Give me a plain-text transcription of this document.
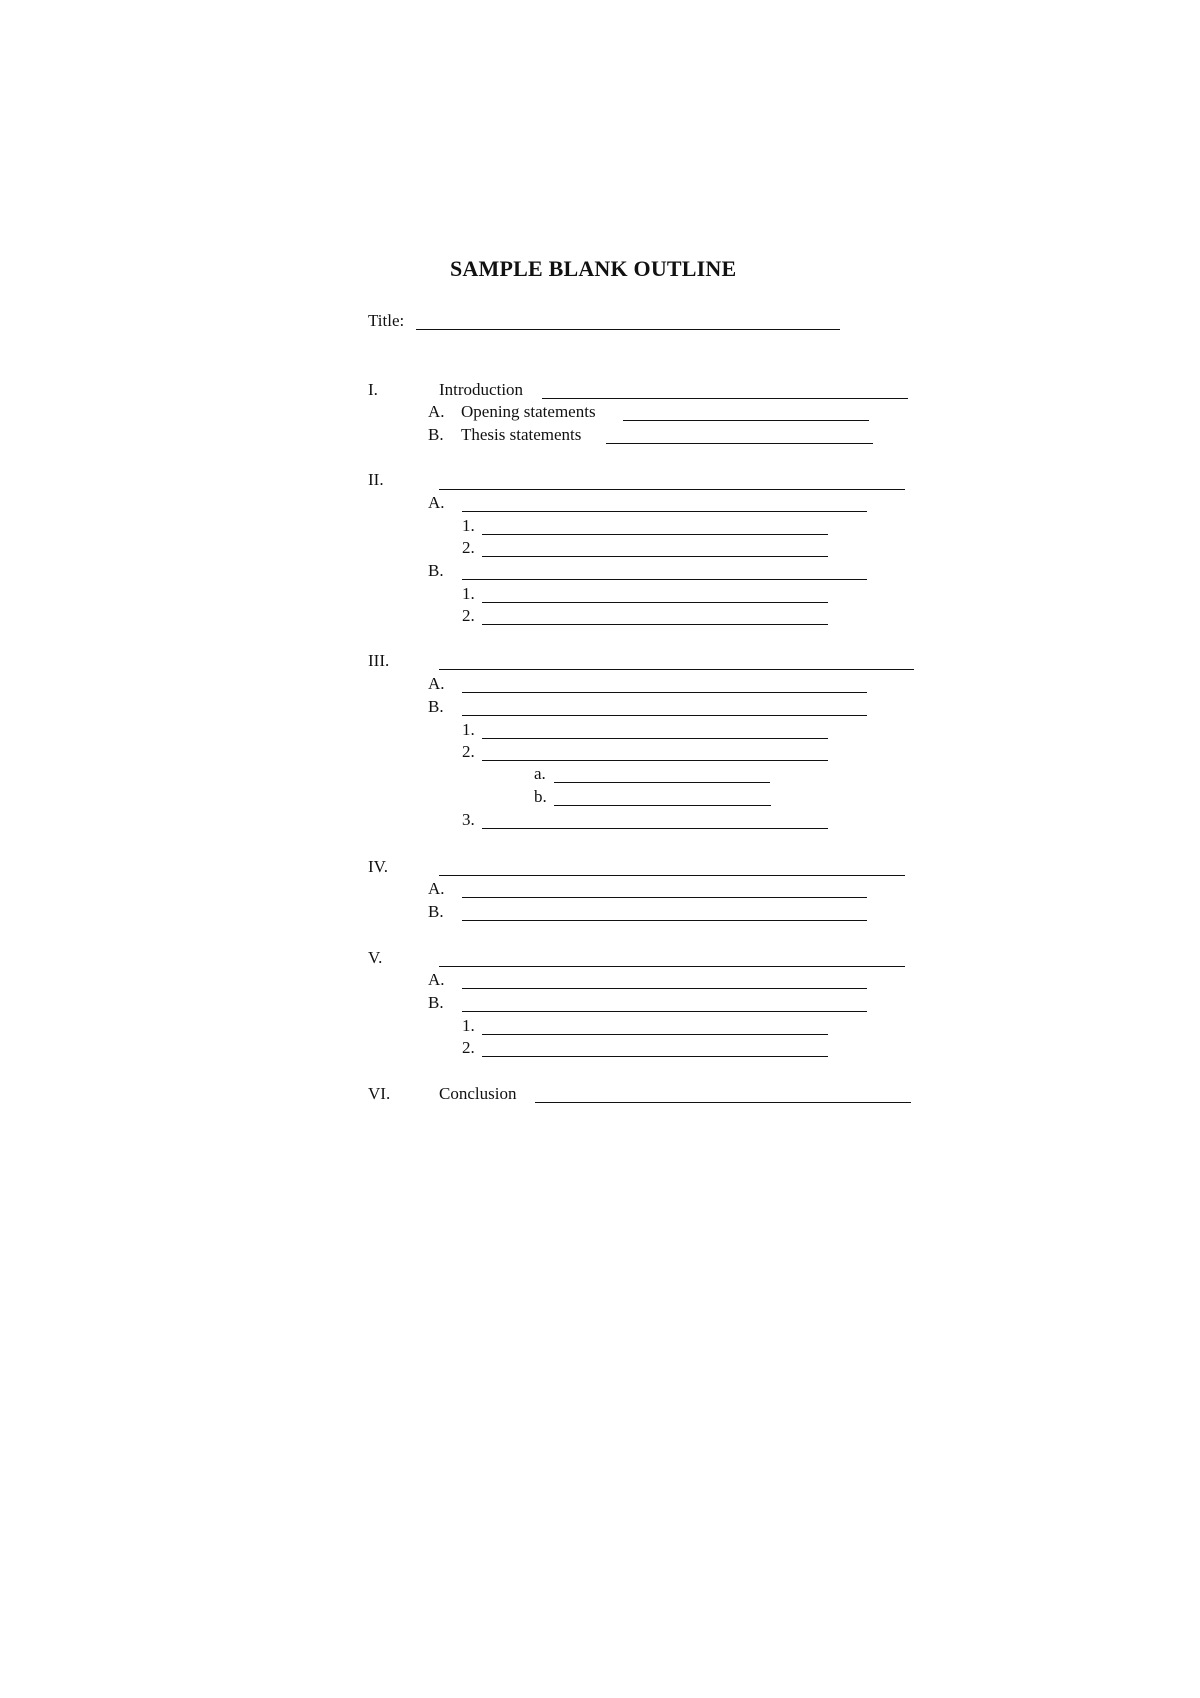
SAMPLE BLANK OUTLINE
Title:
I.	Introduction
A. Opening statements
B. Thesis statements
II.
A.
1.
2.
B.
1.
2.
III.
A.
B.
1.
2.
a.
b.
3.
IV.
A.
B.
V.
A.
B.
1.
2.
VI.	Conclusion
